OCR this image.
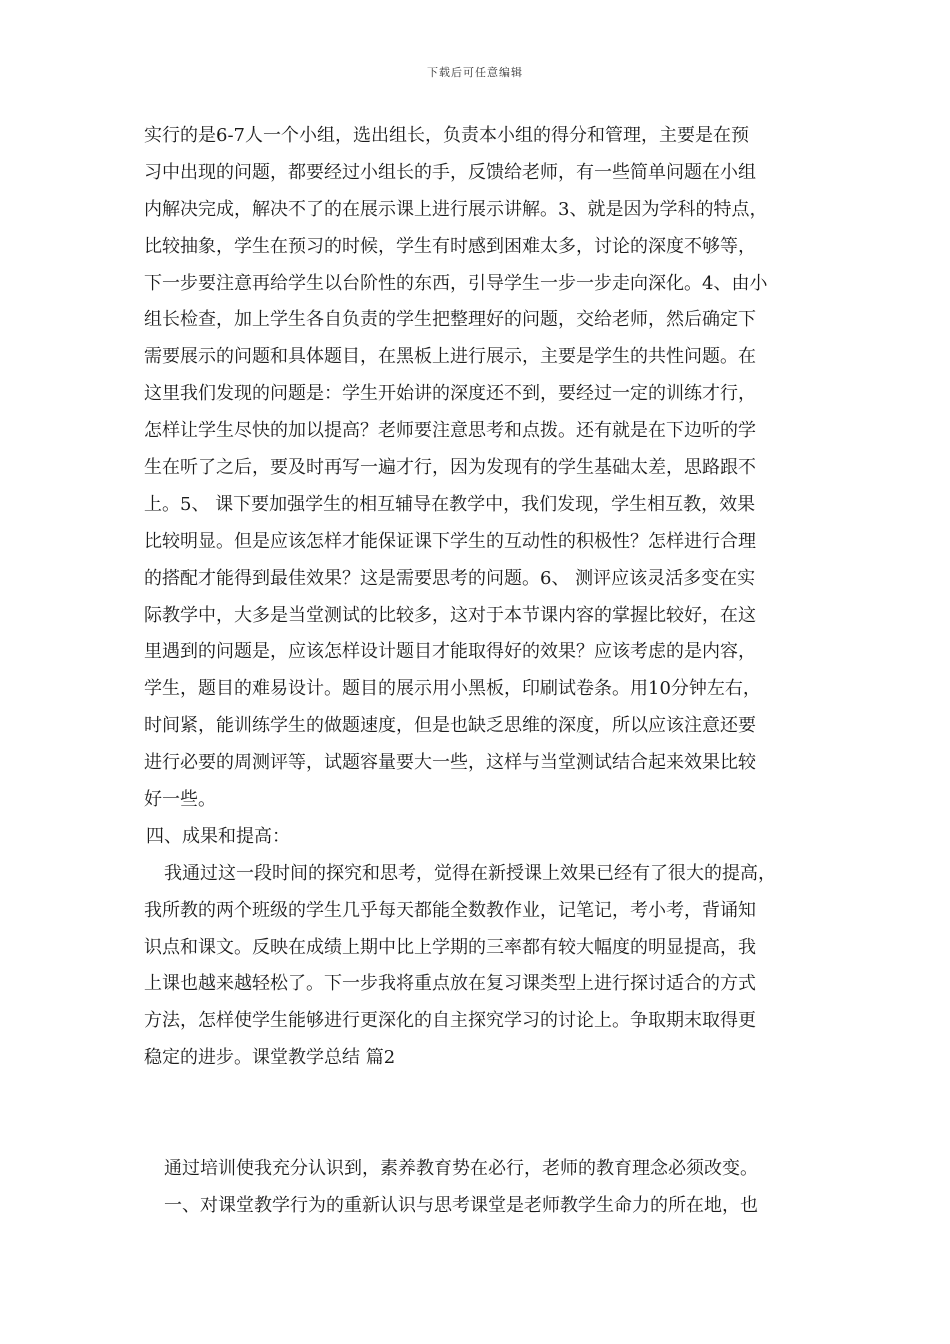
下载后可任意编辑
实行的是6-7人一个小组，选出组长，负责本小组的得分和管理，主要是在预
习中出现的问题，都要经过小组长的手，反馈给老师，有一些简单问题在小组
内解决完成，解决不了的在展示课上进行展示讲解。3、就是因为学科的特点，
比较抽象，学生在预习的时候，学生有时感到困难太多，讨论的深度不够等，
下一步要注意再给学生以台阶性的东西，引导学生一步一步走向深化。4、由小
组长检查，加上学生各自负责的学生把整理好的问题，交给老师，然后确定下
需要展示的问题和具体题目，在黑板上进行展示，主要是学生的共性问题。在
这里我们发现的问题是：学生开始讲的深度还不到，要经过一定的训练才行，
怎样让学生尽快的加以提高？老师要注意思考和点拨。还有就是在下边听的学
生在听了之后，要及时再写一遍才行，因为发现有的学生基础太差，思路跟不
上。5、 课下要加强学生的相互辅导在教学中，我们发现，学生相互教，效果
比较明显。但是应该怎样才能保证课下学生的互动性的积极性？怎样进行合理
的搭配才能得到最佳效果？这是需要思考的问题。6、 测评应该灵活多变在实
际教学中，大多是当堂测试的比较多，这对于本节课内容的掌握比较好，在这
里遇到的问题是，应该怎样设计题目才能取得好的效果？应该考虑的是内容，
学生，题目的难易设计。题目的展示用小黑板，印刷试卷条。用10分钟左右，
时间紧，能训练学生的做题速度，但是也缺乏思维的深度，所以应该注意还要
进行必要的周测评等，试题容量要大一些，这样与当堂测试结合起来效果比较
好一些。
四、成果和提高：
我通过这一段时间的探究和思考，觉得在新授课上效果已经有了很大的提高，
我所教的两个班级的学生几乎每天都能全数教作业，记笔记，考小考，背诵知
识点和课文。反映在成绩上期中比上学期的三率都有较大幅度的明显提高，我
上课也越来越轻松了。下一步我将重点放在复习课类型上进行探讨适合的方式
方法，怎样使学生能够进行更深化的自主探究学习的讨论上。争取期末取得更
稳定的进步。课堂教学总结 篇2
通过培训使我充分认识到，素养教育势在必行，老师的教育理念必须改变。
一、对课堂教学行为的重新认识与思考课堂是老师教学生命力的所在地，也
